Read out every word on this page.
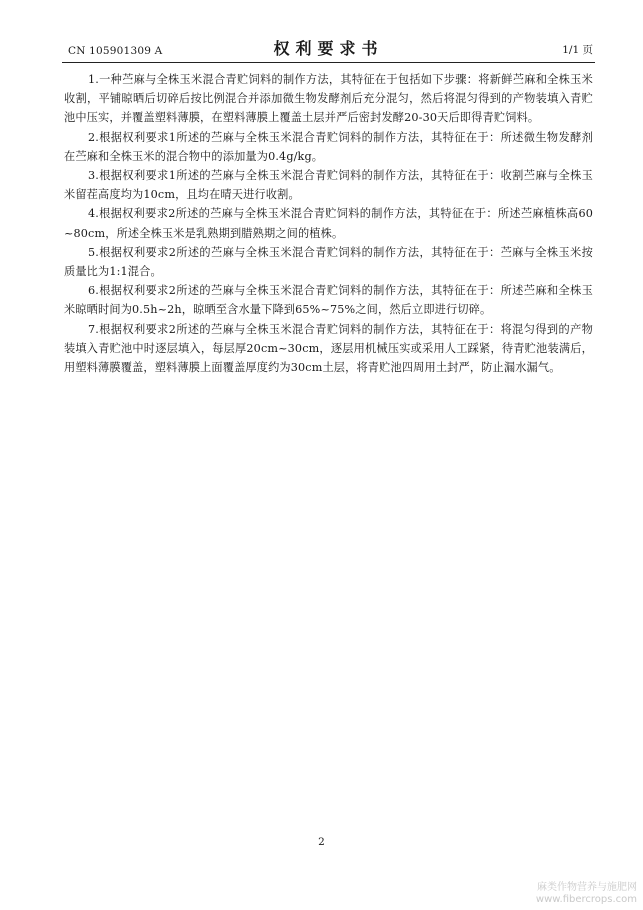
CN 105901309 A	权利要求书	1/1 页

1.一种苎麻与全株玉米混合青贮饲料的制作方法，其特征在于包括如下步骤：将新鲜苎麻和全株玉米收割，平铺晾晒后切碎后按比例混合并添加微生物发酵剂后充分混匀，然后将混匀得到的产物装填入青贮池中压实，并覆盖塑料薄膜，在塑料薄膜上覆盖土层并严后密封发酵20-30天后即得青贮饲料。

2.根据权利要求1所述的苎麻与全株玉米混合青贮饲料的制作方法，其特征在于：所述微生物发酵剂在苎麻和全株玉米的混合物中的添加量为0.4g/kg。

3.根据权利要求1所述的苎麻与全株玉米混合青贮饲料的制作方法，其特征在于：收割苎麻与全株玉米留茬高度均为10cm，且均在晴天进行收割。

4.根据权利要求2所述的苎麻与全株玉米混合青贮饲料的制作方法，其特征在于：所述苎麻植株高60 ~80cm，所述全株玉米是乳熟期到腊熟期之间的植株。

5.根据权利要求2所述的苎麻与全株玉米混合青贮饲料的制作方法，其特征在于：苎麻与全株玉米按质量比为1:1混合。

6.根据权利要求2所述的苎麻与全株玉米混合青贮饲料的制作方法，其特征在于：所述苎麻和全株玉米晾晒时间为0.5h~2h，晾晒至含水量下降到65%~75%之间，然后立即进行切碎。

7.根据权利要求2所述的苎麻与全株玉米混合青贮饲料的制作方法，其特征在于：将混匀得到的产物装填入青贮池中时逐层填入，每层厚20cm~30cm，逐层用机械压实或采用人工踩紧，待青贮池装满后，用塑料薄膜覆盖，塑料薄膜上面覆盖厚度约为30cm土层，将青贮池四周用土封严，防止漏水漏气。

2
麻类作物营养与施肥网
www.fibercrops.com
